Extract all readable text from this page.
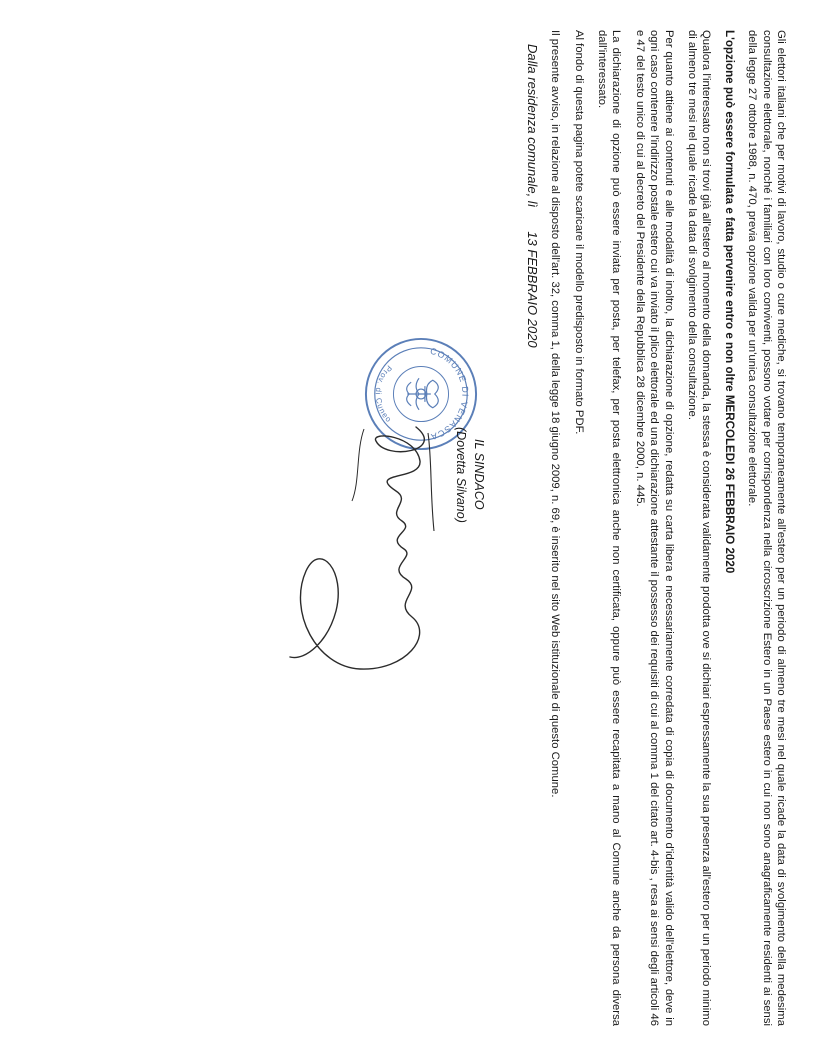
Gli elettori italiani che per motivi di lavoro, studio o cure mediche, si trovano temporaneamente all'estero per un periodo di almeno tre mesi nel quale ricade la data di svolgimento della medesima consultazione elettorale, nonché i familiari con loro conviventi, possono votare per corrispondenza nella circoscrizione Estero in un Paese estero in cui non sono anagraficamente residenti ai sensi della legge 27 ottobre 1988, n. 470, previa opzione valida per un'unica consultazione elettorale.

L'opzione può essere formulata e fatta pervenire entro e non oltre MERCOLEDI 26 FEBBRAIO 2020

Qualora l'interessato non si trovi già all'estero al momento della domanda, la stessa è considerata validamente prodotta ove si dichiari espressamente la sua presenza all'estero per un periodo minimo di almeno tre mesi nel quale ricade la data di svolgimento della consultazione.

Per quanto attiene ai contenuti e alle modalità di inoltro, la dichiarazione di opzione, redatta su carta libera e necessariamente corredata di copia di documento d'identità valido dell'elettore, deve in ogni caso contenere l'indirizzo postale estero cui va inviato il plico elettorale ed una dichiarazione attestante il possesso dei requisiti di cui al comma 1 del citato art. 4-bis , resa ai sensi degli articoli 46 e 47 del testo unico di cui al decreto del Presidente della Repubblica 28 dicembre 2000, n. 445.

La dichiarazione di opzione può essere inviata per posta, per telefax, per posta elettronica anche non certificata, oppure può essere recapitata a mano al Comune anche da persona diversa dall'interessato.

Al fondo di questa pagina potete scaricare il modello predisposto in formato PDF.

Il presente avviso, in relazione al disposto dell'art. 32, comma 1, della legge 18 giugno 2009, n. 69, è inserito nel sito Web istituzionale di questo Comune.

Dalla residenza comunale, lì
13 FEBBRAIO 2020
COMUNE DI VENASCA
Prov. di Cuneo
IL SINDACO
(Dovetta Silvano)
